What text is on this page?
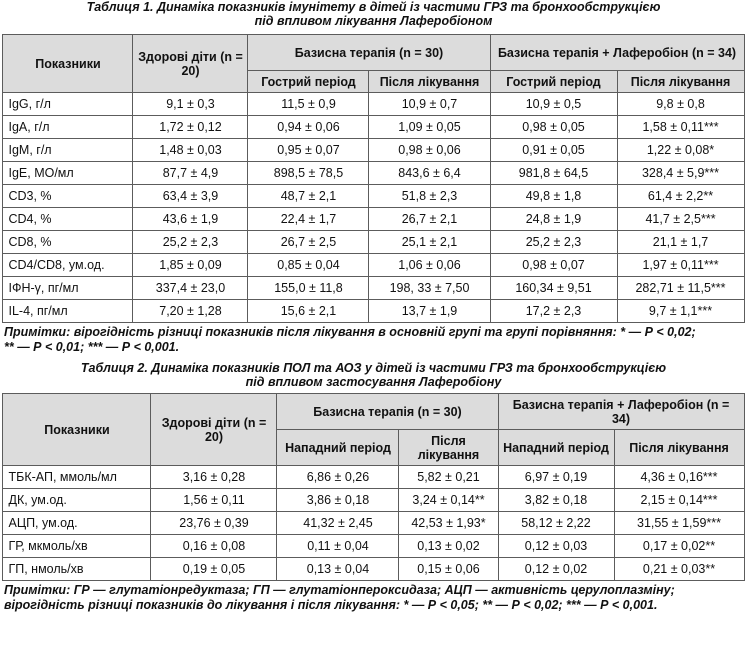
Таблиця 1. Динаміка показників імунітету в дітей із частими ГРЗ та бронхообструкцією
під впливом лікування Лаферобіоном
Показники	Здорові діти (n = 20)	Базисна терапія (n = 30)		Базисна терапія + Лаферобіон (n = 34)	
		Гострий період	Після лікування	Гострий період	Після лікування
IgG, г/л	9,1 ± 0,3	11,5 ± 0,9	10,9 ± 0,7	10,9 ± 0,5	9,8 ± 0,8
IgA, г/л	1,72 ± 0,12	0,94 ± 0,06	1,09 ± 0,05	0,98 ± 0,05	1,58 ± 0,11***
IgM, г/л	1,48 ± 0,03	0,95 ± 0,07	0,98 ± 0,06	0,91 ± 0,05	1,22 ± 0,08*
IgE, МО/мл	87,7 ± 4,9	898,5 ± 78,5	843,6 ± 6,4	981,8 ± 64,5	328,4 ± 5,9***
CD3, %	63,4 ± 3,9	48,7 ± 2,1	51,8 ± 2,3	49,8 ± 1,8	61,4 ± 2,2**
CD4, %	43,6 ± 1,9	22,4 ± 1,7	26,7 ± 2,1	24,8 ± 1,9	41,7 ± 2,5***
CD8, %	25,2 ± 2,3	26,7 ± 2,5	25,1 ± 2,1	25,2 ± 2,3	21,1 ± 1,7
CD4/CD8, ум.од.	1,85 ± 0,09	0,85 ± 0,04	1,06 ± 0,06	0,98 ± 0,07	1,97 ± 0,11***
ІФН-γ, пг/мл	337,4 ± 23,0	155,0 ± 11,8	198, 33 ± 7,50	160,34 ± 9,51	282,71 ± 11,5***
IL-4, пг/мл	7,20 ± 1,28	15,6 ± 2,1	13,7 ± 1,9	17,2 ± 2,3	9,7 ± 1,1***
Примітки: вірогідність різниці показників після лікування в основній групі та групі порівняння: * — Р < 0,02;
** — Р < 0,01; *** — Р < 0,001.
Таблиця 2. Динаміка показників ПОЛ та АОЗ у дітей із частими ГРЗ та бронхообструкцією
під впливом застосування Лаферобіону
Показники	Здорові діти (n = 20)	Базисна терапія (n = 30)		Базисна терапія + Лаферобіон (n = 34)	
		Нападний період	Після лікування	Нападний період	Після лікування
ТБК-АП, ммоль/мл	3,16 ± 0,28	6,86 ± 0,26	5,82 ± 0,21	6,97 ± 0,19	4,36 ± 0,16***
ДК, ум.од.	1,56 ± 0,11	3,86 ± 0,18	3,24 ± 0,14**	3,82 ± 0,18	2,15 ± 0,14***
АЦП, ум.од.	23,76 ± 0,39	41,32 ± 2,45	42,53 ± 1,93*	58,12 ± 2,22	31,55 ± 1,59***
ГР, мкмоль/хв	0,16 ± 0,08	0,11 ± 0,04	0,13 ± 0,02	0,12 ± 0,03	0,17 ± 0,02**
ГП, нмоль/хв	0,19 ± 0,05	0,13 ± 0,04	0,15 ± 0,06	0,12 ± 0,02	0,21 ± 0,03**
Примітки: ГР — глутатіонредуктаза; ГП — глутатіонпероксидаза; АЦП — активність церулоплазміну;
вірогідність різниці показників до лікування і після лікування: * — Р < 0,05; ** — Р < 0,02; *** — Р < 0,001.
